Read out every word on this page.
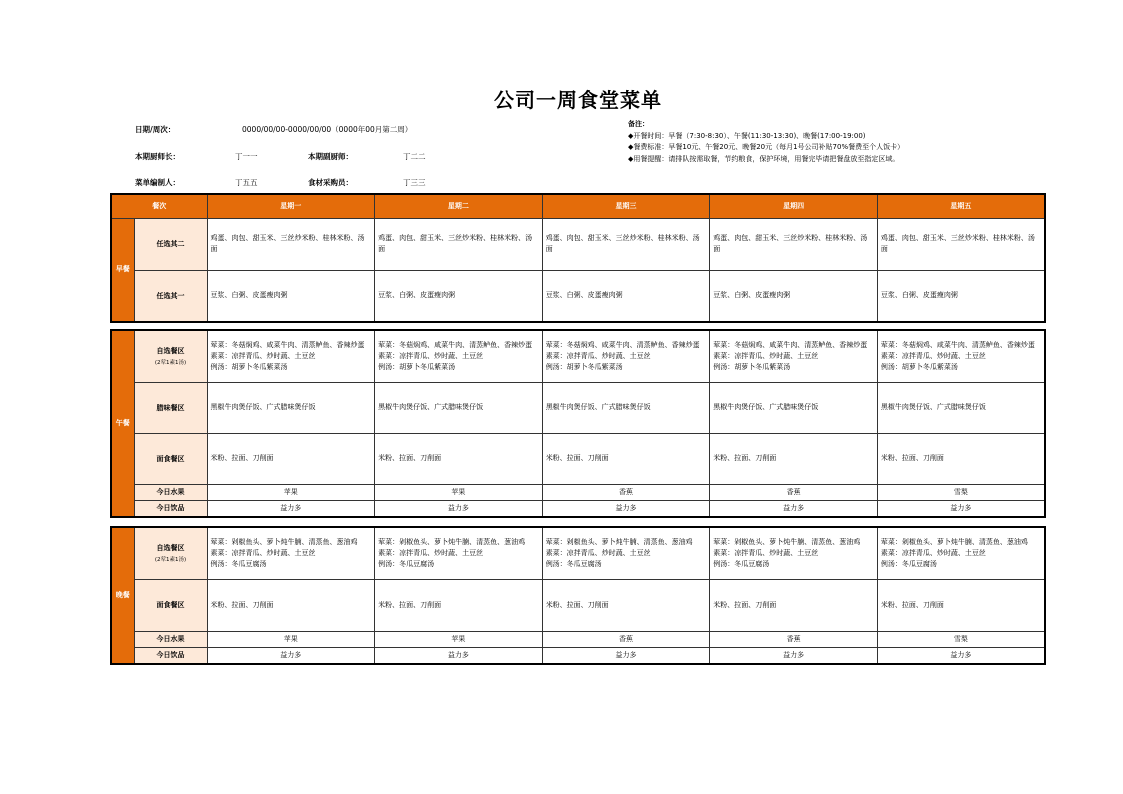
公司一周食堂菜单
日期/周次：	0000/00/00-0000/00/00（0000年00月第二周）
本期厨师长：	丁一一	本期副厨师：	丁二二
菜单编制人：	丁五五	食材采购员：	丁三三
备注：
◆开餐时间：早餐（7:30-8:30）、午餐(11:30-13:30)、晚餐(17:00-19:00)
◆餐费标准：早餐10元、午餐20元、晚餐20元（每月1号公司补贴70%餐费至个人饭卡）
◆用餐提醒：请排队按需取餐，节约粮食，保护环境，用餐完毕请把餐盘放至指定区域。
餐次		星期一	星期二	星期三	星期四	星期五
早餐	任选其二	鸡蛋、肉包、甜玉米、三丝炒米粉、桂林米粉、汤面	鸡蛋、肉包、甜玉米、三丝炒米粉、桂林米粉、汤面	鸡蛋、肉包、甜玉米、三丝炒米粉、桂林米粉、汤面	鸡蛋、肉包、甜玉米、三丝炒米粉、桂林米粉、汤面	鸡蛋、肉包、甜玉米、三丝炒米粉、桂林米粉、汤面
	任选其一	豆浆、白粥、皮蛋瘦肉粥	豆浆、白粥、皮蛋瘦肉粥	豆浆、白粥、皮蛋瘦肉粥	豆浆、白粥、皮蛋瘦肉粥	豆浆、白粥、皮蛋瘦肉粥
午餐	自选餐区
(2荤1素1汤)	荤菜：冬菇焖鸡、咸菜牛肉、清蒸鲈鱼、香辣炒蛋
素菜：凉拌青瓜、炒时蔬、土豆丝
例汤：胡萝卜冬瓜紫菜汤	荤菜：冬菇焖鸡、咸菜牛肉、清蒸鲈鱼、香辣炒蛋
素菜：凉拌青瓜、炒时蔬、土豆丝
例汤：胡萝卜冬瓜紫菜汤	荤菜：冬菇焖鸡、咸菜牛肉、清蒸鲈鱼、香辣炒蛋
素菜：凉拌青瓜、炒时蔬、土豆丝
例汤：胡萝卜冬瓜紫菜汤	荤菜：冬菇焖鸡、咸菜牛肉、清蒸鲈鱼、香辣炒蛋
素菜：凉拌青瓜、炒时蔬、土豆丝
例汤：胡萝卜冬瓜紫菜汤	荤菜：冬菇焖鸡、咸菜牛肉、清蒸鲈鱼、香辣炒蛋
素菜：凉拌青瓜、炒时蔬、土豆丝
例汤：胡萝卜冬瓜紫菜汤

	腊味餐区	黑椒牛肉煲仔饭、广式腊味煲仔饭	黑椒牛肉煲仔饭、广式腊味煲仔饭	黑椒牛肉煲仔饭、广式腊味煲仔饭	黑椒牛肉煲仔饭、广式腊味煲仔饭	黑椒牛肉煲仔饭、广式腊味煲仔饭
	面食餐区	米粉、拉面、刀削面	米粉、拉面、刀削面	米粉、拉面、刀削面	米粉、拉面、刀削面	米粉、拉面、刀削面
	今日水果	苹果	苹果	香蕉	香蕉	雪梨
	今日饮品	益力多	益力多	益力多	益力多	益力多
晚餐	自选餐区
(2荤1素1汤)	荤菜：剁椒鱼头、萝卜炖牛腩、清蒸鱼、葱油鸡
素菜：凉拌青瓜、炒时蔬、土豆丝
例汤：冬瓜豆腐汤	荤菜：剁椒鱼头、萝卜炖牛腩、清蒸鱼、葱油鸡
素菜：凉拌青瓜、炒时蔬、土豆丝
例汤：冬瓜豆腐汤	荤菜：剁椒鱼头、萝卜炖牛腩、清蒸鱼、葱油鸡
素菜：凉拌青瓜、炒时蔬、土豆丝
例汤：冬瓜豆腐汤	荤菜：剁椒鱼头、萝卜炖牛腩、清蒸鱼、葱油鸡
素菜：凉拌青瓜、炒时蔬、土豆丝
例汤：冬瓜豆腐汤	荤菜：剁椒鱼头、萝卜炖牛腩、清蒸鱼、葱油鸡
素菜：凉拌青瓜、炒时蔬、土豆丝
例汤：冬瓜豆腐汤

	面食餐区	米粉、拉面、刀削面	米粉、拉面、刀削面	米粉、拉面、刀削面	米粉、拉面、刀削面	米粉、拉面、刀削面
	今日水果	苹果	苹果	香蕉	香蕉	雪梨
	今日饮品	益力多	益力多	益力多	益力多	益力多
